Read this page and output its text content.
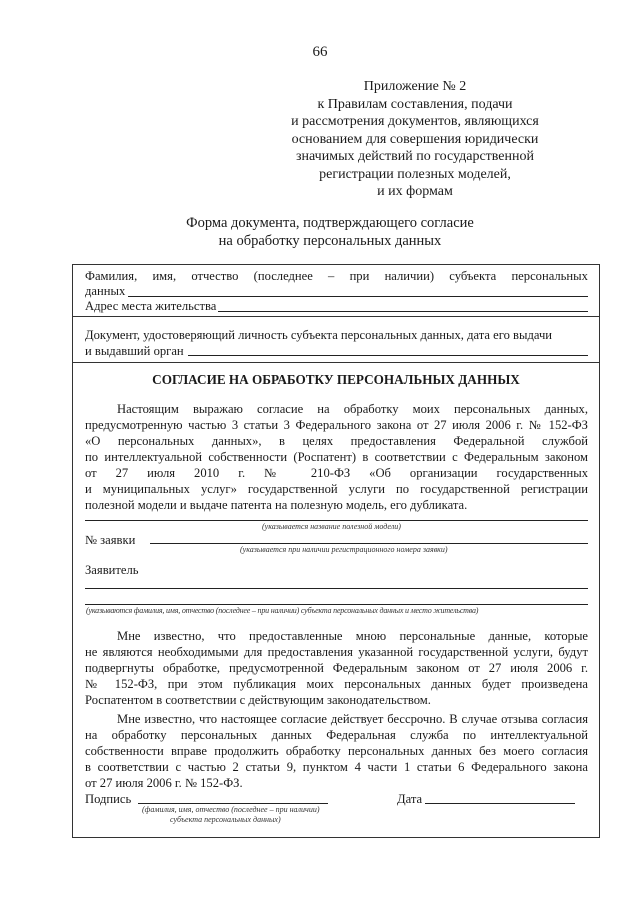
66
Приложение № 2
к Правилам составления, подачи
и рассмотрения документов, являющихся
основанием для совершения юридически
значимых действий по государственной
регистрации полезных моделей,
и их формам
Форма документа, подтверждающего согласие
на обработку персональных данных
Фамилия, имя, отчество (последнее – при наличии) субъекта персональных
данных
Адрес места жительства
Документ, удостоверяющий личность субъекта персональных данных, дата его выдачи
и выдавший орган
СОГЛАСИЕ НА ОБРАБОТКУ ПЕРСОНАЛЬНЫХ ДАННЫХ
Настоящим выражаю согласие на обработку моих персональных данных,
предусмотренную частью 3 статьи 3 Федерального закона от 27 июля 2006 г. № 152-ФЗ
«О персональных данных», в целях предоставления Федеральной службой
по интеллектуальной собственности (Роспатент) в соответствии с Федеральным законом
от 27 июля 2010 г. № 210-ФЗ «Об организации государственных
и муниципальных услуг» государственной услуги по государственной регистрации
полезной модели и выдаче патента на полезную модель, его дубликата.
(указывается название полезной модели)
№ заявки
(указывается при наличии регистрационного номера заявки)
Заявитель
(указываются фамилия, имя, отчество (последнее – при наличии) субъекта персональных данных и место жительства)
Мне известно, что предоставленные мною персональные данные, которые
не являются необходимыми для предоставления указанной государственной услуги, будут
подвергнуты обработке, предусмотренной Федеральным законом от 27 июля 2006 г.
№ 152-ФЗ, при этом публикация моих персональных данных будет произведена
Роспатентом в соответствии с действующим законодательством.
Мне известно, что настоящее согласие действует бессрочно. В случае отзыва согласия
на обработку персональных данных Федеральная служба по интеллектуальной
собственности вправе продолжить обработку персональных данных без моего согласия
в соответствии с частью 2 статьи 9, пунктом 4 части 1 статьи 6 Федерального закона
от 27 июля 2006 г. № 152-ФЗ.
Подпись
(фамилия, имя, отчество (последнее – при наличии)
субъекта персональных данных)
Дата
